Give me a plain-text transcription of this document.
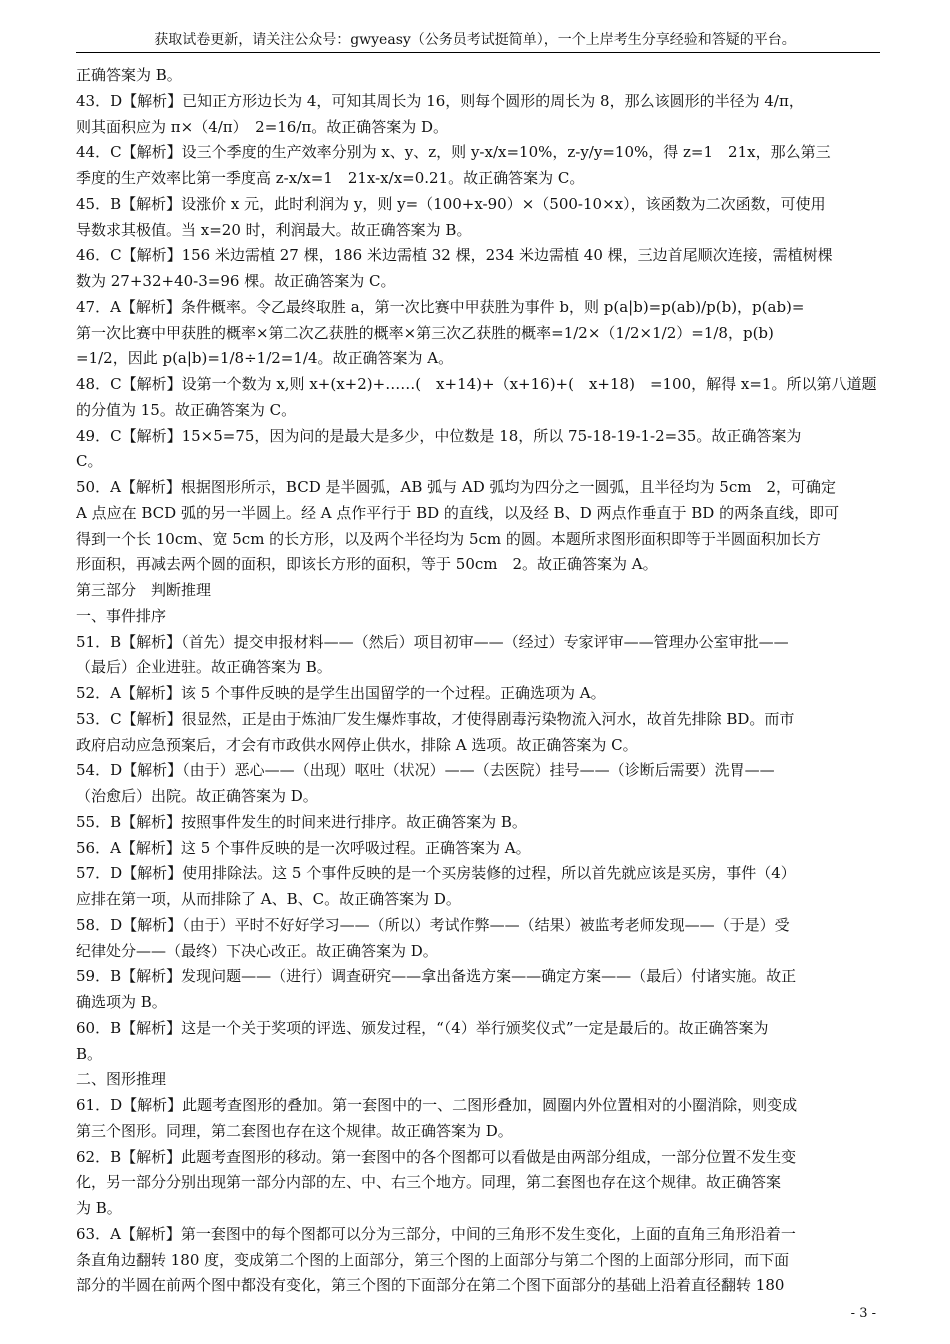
获取试卷更新，请关注公众号：gwyeasy（公务员考试挺简单），一个上岸考生分享经验和答疑的平台。
正确答案为 B。
43．D【解析】已知正方形边长为 4，可知其周长为 16，则每个圆形的周长为 8，那么该圆形的半径为 4/π，
则其面积应为 π×（4/π）　2=16/π。故正确答案为 D。
44．C【解析】设三个季度的生产效率分别为 x、y、z，则 y-x/x=10%，z-y/y=10%，得 z=1　21x，那么第三
季度的生产效率比第一季度高 z-x/x=1　21x-x/x=0.21。故正确答案为 C。
45．B【解析】设涨价 x 元，此时利润为 y，则 y=（100+x-90）×（500-10×x），该函数为二次函数，可使用
导数求其极值。当 x=20 时，利润最大。故正确答案为 B。
46．C【解析】156 米边需植 27 棵，186 米边需植 32 棵，234 米边需植 40 棵，三边首尾顺次连接，需植树棵
数为 27+32+40-3=96 棵。故正确答案为 C。
47．A【解析】条件概率。令乙最终取胜 a，第一次比赛中甲获胜为事件 b，则 p(a|b)=p(ab)/p(b)，p(ab)=
第一次比赛中甲获胜的概率×第二次乙获胜的概率×第三次乙获胜的概率=1/2×（1/2×1/2）=1/8，p(b)
=1/2，因此 p(a|b)=1/8÷1/2=1/4。故正确答案为 A。
48．C【解析】设第一个数为 x,则 x+(x+2)+……(　x+14)+（x+16)+(　x+18)　=100，解得 x=1。所以第八道题
的分值为 15。故正确答案为 C。
49．C【解析】15×5=75，因为问的是最大是多少，中位数是 18，所以 75-18-19-1-2=35。故正确答案为
C。
50．A【解析】根据图形所示，BCD 是半圆弧，AB 弧与 AD 弧均为四分之一圆弧，且半径均为 5cm　2，可确定
A 点应在 BCD 弧的另一半圆上。经 A 点作平行于 BD 的直线，以及经 B、D 两点作垂直于 BD 的两条直线，即可
得到一个长 10cm、宽 5cm 的长方形，以及两个半径均为 5cm 的圆。本题所求图形面积即等于半圆面积加长方
形面积，再减去两个圆的面积，即该长方形的面积，等于 50cm　2。故正确答案为 A。
第三部分　判断推理
一、事件排序
51．B【解析】（首先）提交申报材料——（然后）项目初审——（经过）专家评审——管理办公室审批——
（最后）企业进驻。故正确答案为 B。
52．A【解析】该 5 个事件反映的是学生出国留学的一个过程。正确选项为 A。
53．C【解析】很显然，正是由于炼油厂发生爆炸事故，才使得剧毒污染物流入河水，故首先排除 BD。而市
政府启动应急预案后，才会有市政供水网停止供水，排除 A 选项。故正确答案为 C。
54．D【解析】（由于）恶心——（出现）呕吐（状况）——（去医院）挂号——（诊断后需要）洗胃——
（治愈后）出院。故正确答案为 D。
55．B【解析】按照事件发生的时间来进行排序。故正确答案为 B。
56．A【解析】这 5 个事件反映的是一次呼吸过程。正确答案为 A。
57．D【解析】使用排除法。这 5 个事件反映的是一个买房装修的过程，所以首先就应该是买房，事件（4）
应排在第一项，从而排除了 A、B、C。故正确答案为 D。
58．D【解析】（由于）平时不好好学习——（所以）考试作弊——（结果）被监考老师发现——（于是）受
纪律处分——（最终）下决心改正。故正确答案为 D。
59．B【解析】发现问题——（进行）调查研究——拿出备选方案——确定方案——（最后）付诸实施。故正
确选项为 B。
60．B【解析】这是一个关于奖项的评选、颁发过程，“（4）举行颁奖仪式”一定是最后的。故正确答案为
B。
二、图形推理
61．D【解析】此题考查图形的叠加。第一套图中的一、二图形叠加，圆圈内外位置相对的小圈消除，则变成
第三个图形。同理，第二套图也存在这个规律。故正确答案为 D。
62．B【解析】此题考查图形的移动。第一套图中的各个图都可以看做是由两部分组成，一部分位置不发生变
化，另一部分分别出现第一部分内部的左、中、右三个地方。同理，第二套图也存在这个规律。故正确答案
为 B。
63．A【解析】第一套图中的每个图都可以分为三部分，中间的三角形不发生变化，上面的直角三角形沿着一
条直角边翻转 180 度，变成第二个图的上面部分，第三个图的上面部分与第二个图的上面部分形同，而下面
部分的半圆在前两个图中都没有变化，第三个图的下面部分在第二个图下面部分的基础上沿着直径翻转 180
- 3 -
